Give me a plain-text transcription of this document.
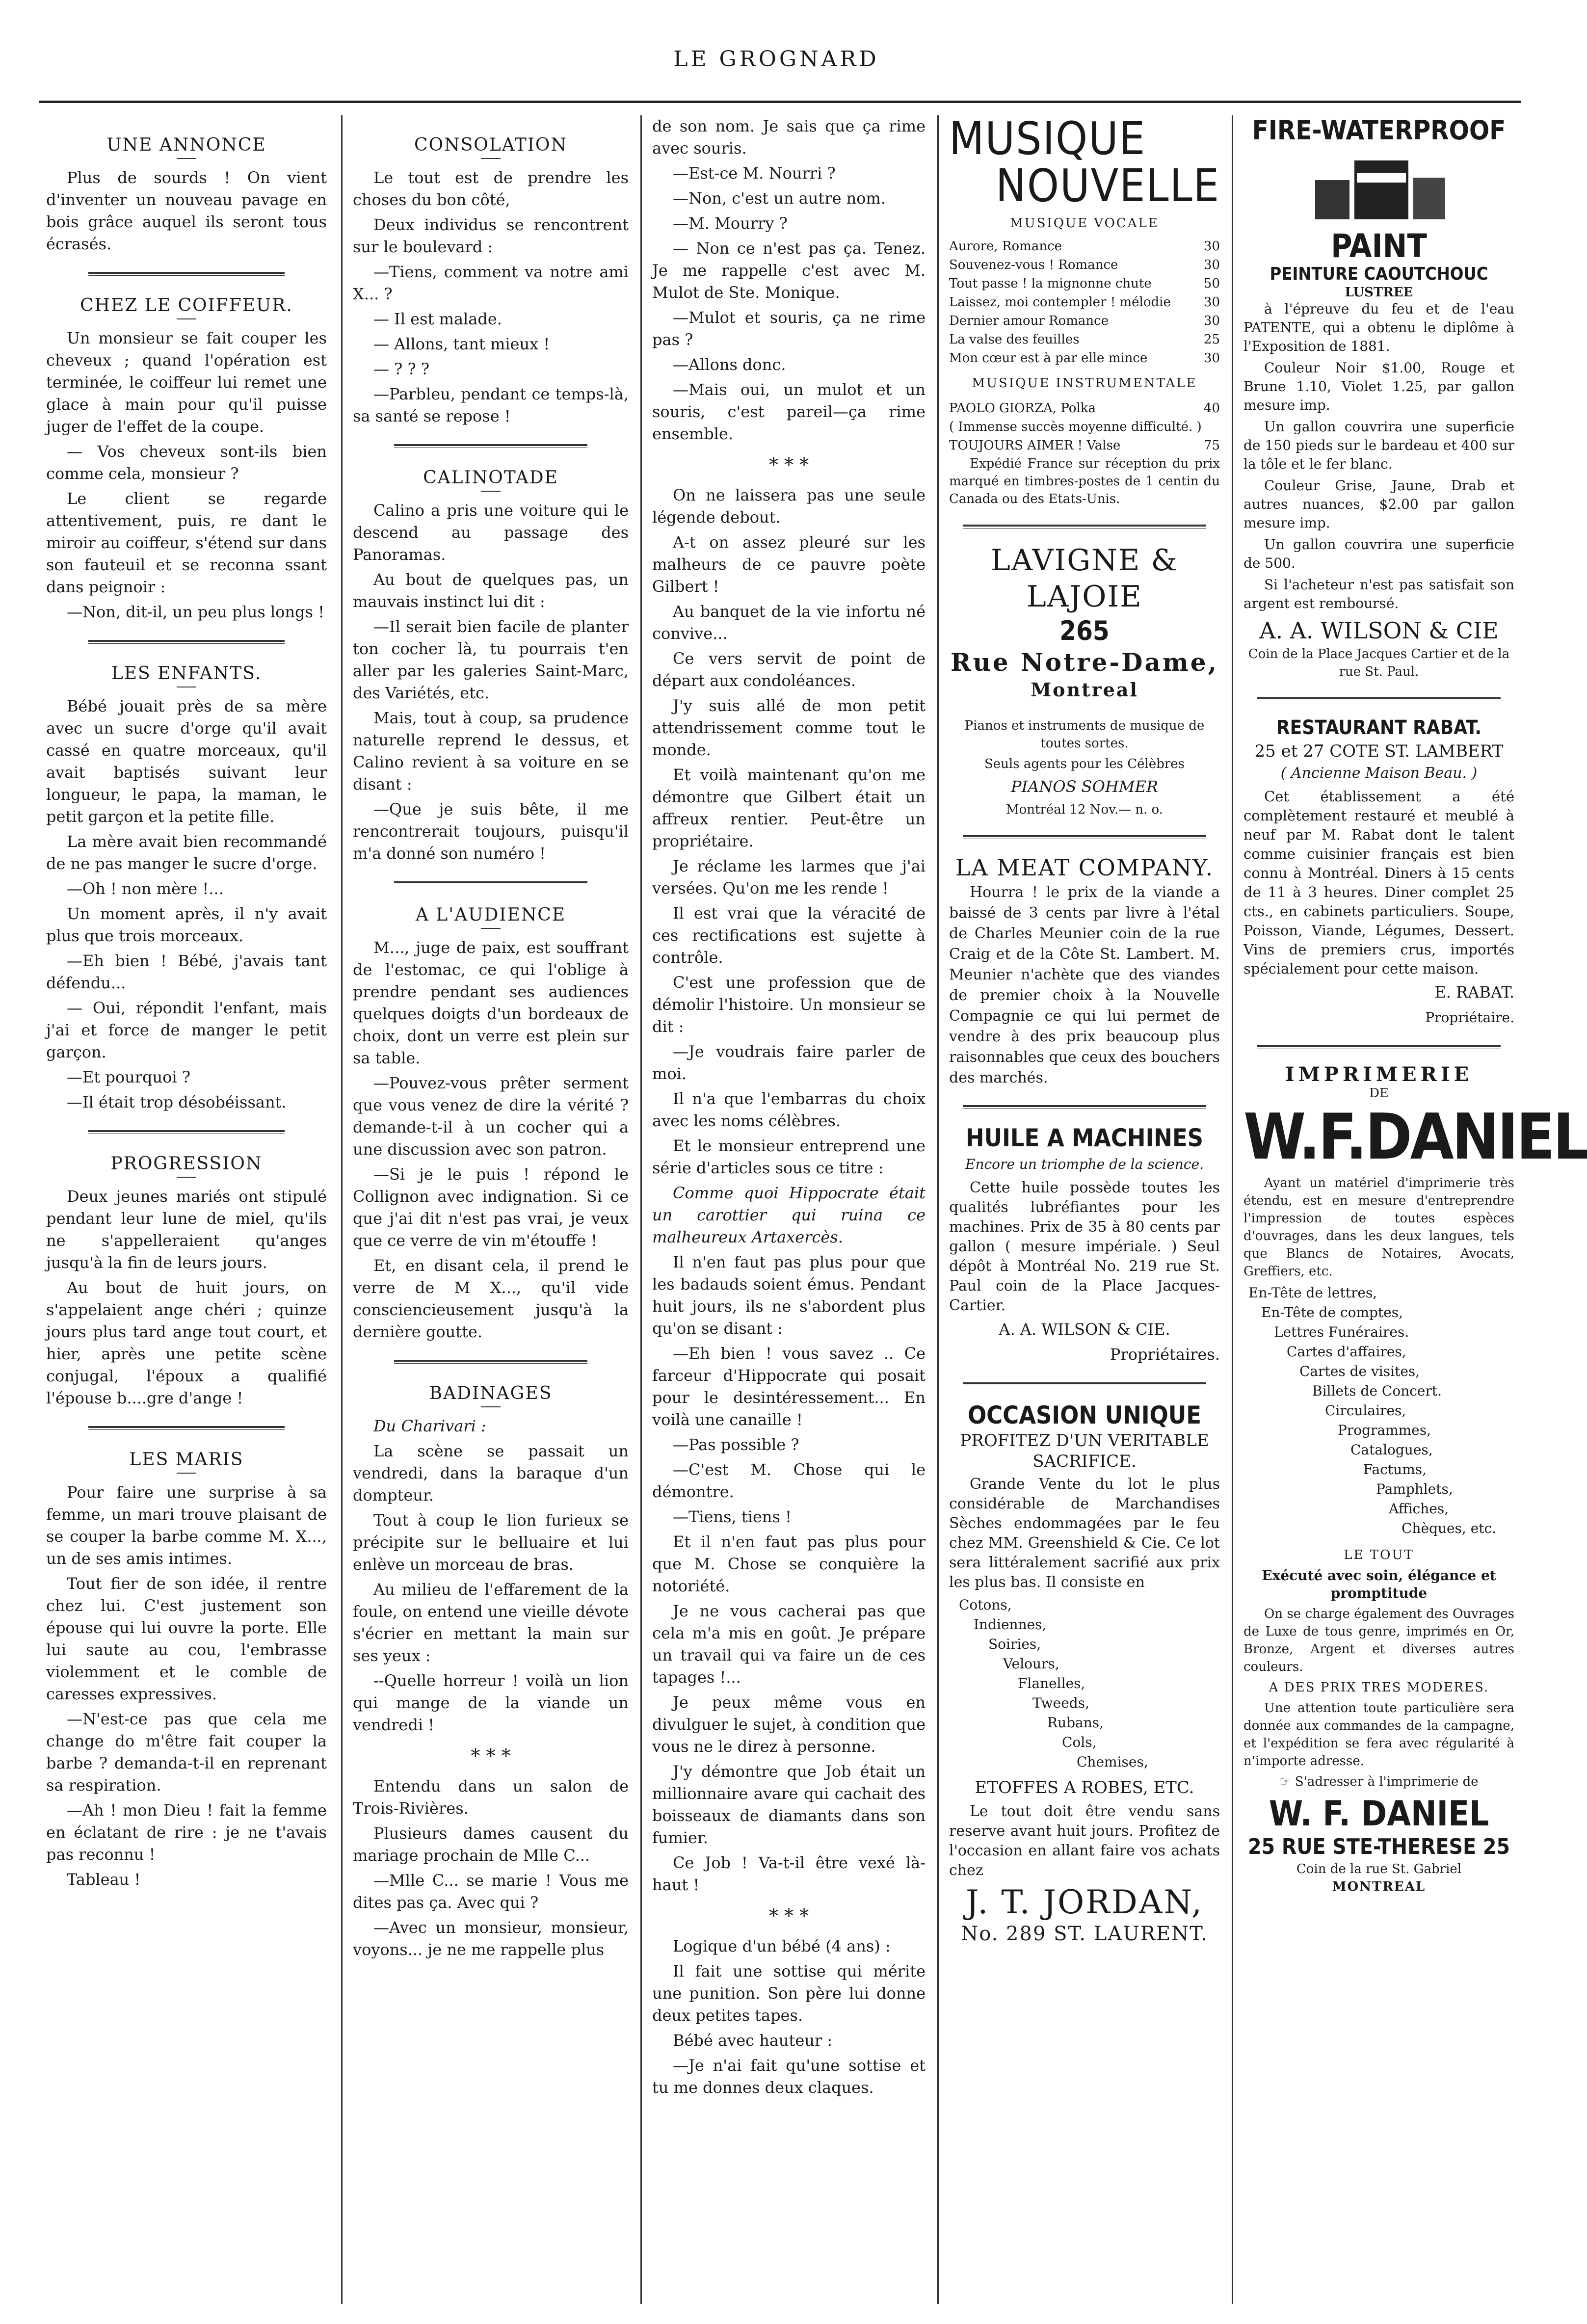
LE GROGNARD
UNE ANNONCE

Plus de sourds ! On vient d'inventer un nouveau pavage en bois grâce auquel ils seront tous écrasés.

CHEZ LE COIFFEUR.

Un monsieur se fait couper les cheveux ; quand l'opération est terminée, le coiffeur lui remet une glace à main pour qu'il puisse juger de l'effet de la coupe.

— Vos cheveux sont-ils bien comme cela, monsieur ?

Le client se regarde attentivement, puis, re dant le miroir au coiffeur, s'étend sur dans son fauteuil et se reconna ssant dans peignoir :

—Non, dit-il, un peu plus longs !

LES ENFANTS.

Bébé jouait près de sa mère avec un sucre d'orge qu'il avait cassé en quatre morceaux, qu'il avait baptisés suivant leur longueur, le papa, la maman, le petit garçon et la petite fille.

La mère avait bien recommandé de ne pas manger le sucre d'orge.

—Oh ! non mère !...

Un moment après, il n'y avait plus que trois morceaux.

—Eh bien ! Bébé, j'avais tant défendu...

— Oui, répondit l'enfant, mais j'ai et force de manger le petit garçon.

—Et pourquoi ?

—Il était trop désobéissant.

PROGRESSION

Deux jeunes mariés ont stipulé pendant leur lune de miel, qu'ils ne s'appelleraient qu'anges jusqu'à la fin de leurs jours.

Au bout de huit jours, on s'appelaient ange chéri ; quinze jours plus tard ange tout court, et hier, après une petite scène conjugal, l'époux a qualifié l'épouse b....gre d'ange !

LES MARIS

Pour faire une surprise à sa femme, un mari trouve plaisant de se couper la barbe comme M. X..., un de ses amis intimes.

Tout fier de son idée, il rentre chez lui. C'est justement son épouse qui lui ouvre la porte. Elle lui saute au cou, l'embrasse violemment et le comble de caresses expressives.

—N'est-ce pas que cela me change do m'être fait couper la barbe ? demanda-t-il en reprenant sa respiration.

—Ah ! mon Dieu ! fait la femme en éclatant de rire : je ne t'avais pas reconnu !

Tableau !

CONSOLATION

Le tout est de prendre les choses du bon côté,

Deux individus se rencontrent sur le boulevard :

—Tiens, comment va notre ami X... ?

— Il est malade.

— Allons, tant mieux !

— ? ? ?

—Parbleu, pendant ce temps-là, sa santé se repose !

CALINOTADE

Calino a pris une voiture qui le descend au passage des Panoramas.

Au bout de quelques pas, un mauvais instinct lui dit :

—Il serait bien facile de planter ton cocher là, tu pourrais t'en aller par les galeries Saint-Marc, des Variétés, etc.

Mais, tout à coup, sa prudence naturelle reprend le dessus, et Calino revient à sa voiture en se disant :

—Que je suis bête, il me rencontrerait toujours, puisqu'il m'a donné son numéro !

A L'AUDIENCE

M..., juge de paix, est souffrant de l'estomac, ce qui l'oblige à prendre pendant ses audiences quelques doigts d'un bordeaux de choix, dont un verre est plein sur sa table.

—Pouvez-vous prêter serment que vous venez de dire la vérité ? demande-t-il à un cocher qui a une discussion avec son patron.

—Si je le puis ! répond le Collignon avec indignation. Si ce que j'ai dit n'est pas vrai, je veux que ce verre de vin m'étouffe !

Et, en disant cela, il prend le verre de M X..., qu'il vide consciencieusement jusqu'à la dernière goutte.

BADINAGES

Du Charivari :

La scène se passait un vendredi, dans la baraque d'un dompteur.

Tout à coup le lion furieux se précipite sur le belluaire et lui enlève un morceau de bras.

Au milieu de l'effarement de la foule, on entend une vieille dévote s'écrier en mettant la main sur ses yeux :

--Quelle horreur ! voilà un lion qui mange de la viande un vendredi !

* * *

Entendu dans un salon de Trois-Rivières.

Plusieurs dames causent du mariage prochain de Mlle C...

—Mlle C... se marie ! Vous me dites pas ça. Avec qui ?

—Avec un monsieur, monsieur, voyons... je ne me rappelle plus

de son nom. Je sais que ça rime avec souris.

—Est-ce M. Nourri ?

—Non, c'est un autre nom.

—M. Mourry ?

— Non ce n'est pas ça. Tenez. Je me rappelle c'est avec M. Mulot de Ste. Monique.

—Mulot et souris, ça ne rime pas ?

—Allons donc.

—Mais oui, un mulot et un souris, c'est pareil—ça rime ensemble.

* * *

On ne laissera pas une seule légende debout.

A-t on assez pleuré sur les malheurs de ce pauvre poète Gilbert !

Au banquet de la vie infortu né convive...

Ce vers servit de point de départ aux condoléances.

J'y suis allé de mon petit attendrissement comme tout le monde.

Et voilà maintenant qu'on me démontre que Gilbert était un affreux rentier. Peut-être un propriétaire.

Je réclame les larmes que j'ai versées. Qu'on me les rende !

Il est vrai que la véracité de ces rectifications est sujette à contrôle.

C'est une profession que de démolir l'histoire. Un monsieur se dit :

—Je voudrais faire parler de moi.

Il n'a que l'embarras du choix avec les noms célèbres.

Et le monsieur entreprend une série d'articles sous ce titre :

Comme quoi Hippocrate était un carottier qui ruina ce malheureux Artaxercès.

Il n'en faut pas plus pour que les badauds soient émus. Pendant huit jours, ils ne s'abordent plus qu'on se disant :

—Eh bien ! vous savez .. Ce farceur d'Hippocrate qui posait pour le desintéressement... En voilà une canaille !

—Pas possible ?

—C'est M. Chose qui le démontre.

—Tiens, tiens !

Et il n'en faut pas plus pour que M. Chose se conquière la notoriété.

Je ne vous cacherai pas que cela m'a mis en goût. Je prépare un travail qui va faire un de ces tapages !...

Je peux même vous en divulguer le sujet, à condition que vous ne le direz à personne.

J'y démontre que Job était un millionnaire avare qui cachait des boisseaux de diamants dans son fumier.

Ce Job ! Va-t-il être vexé là-haut !

* * *

Logique d'un bébé (4 ans) :

Il fait une sottise qui mérite une punition. Son père lui donne deux petites tapes.

Bébé avec hauteur :

—Je n'ai fait qu'une sottise et tu me donnes deux claques.

MUSIQUE
NOUVELLE
MUSIQUE VOCALE
Aurore, Romance	30
Souvenez-vous ! Romance	30
Tout passe ! la mignonne chute	50
Laissez, moi contempler ! mélodie	30
Dernier amour Romance	30
La valse des feuilles	25
Mon cœur est à par elle mince	30
MUSIQUE INSTRUMENTALE
PAOLO GIORZA, Polka	40
( Immense succès moyenne difficulté. )
TOUJOURS AIMER ! Valse	75

Expédié France sur réception du prix marqué en timbres-postes de 1 centin du Canada ou des Etats-Unis.

LAVIGNE & LAJOIE
265
Rue Notre-Dame,
Montreal

Pianos et instruments de musique de toutes sortes.

Seuls agents pour les Célèbres

PIANOS SOHMER

Montréal 12 Nov.— n. o.

LA MEAT COMPANY.

Hourra ! le prix de la viande a baissé de 3 cents par livre à l'étal de Charles Meunier coin de la rue Craig et de la Côte St. Lambert. M. Meunier n'achète que des viandes de premier choix à la Nouvelle Compagnie ce qui lui permet de vendre à des prix beaucoup plus raisonnables que ceux des bouchers des marchés.

HUILE A MACHINES

Encore un triomphe de la science.

Cette huile possède toutes les qualités lubréfiantes pour les machines. Prix de 35 à 80 cents par gallon ( mesure impériale. ) Seul dépôt à Montréal No. 219 rue St. Paul coin de la Place Jacques-Cartier.

A. A. WILSON & CIE.

Propriétaires.

OCCASION UNIQUE

PROFITEZ D'UN VERITABLE SACRIFICE.

Grande Vente du lot le plus considérable de Marchandises Sèches endommagées par le feu chez MM. Greenshield & Cie. Ce lot sera littéralement sacrifié aux prix les plus bas. Il consiste en

Cotons,
Indiennes,
Soiries,
Velours,
Flanelles,
Tweeds,
Rubans,
Cols,
Chemises,

ETOFFES A ROBES, ETC.

Le tout doit être vendu sans reserve avant huit jours. Profitez de l'occasion en allant faire vos achats chez

J. T. JORDAN,
No. 289 ST. LAURENT.
FIRE-WATERPROOF
PAINT
PEINTURE CAOUTCHOUC
LUSTREE

à l'épreuve du feu et de l'eau PATENTE, qui a obtenu le diplôme à l'Exposition de 1881.

Couleur Noir $1.00, Rouge et Brune 1.10, Violet 1.25, par gallon mesure imp.

Un gallon couvrira une superficie de 150 pieds sur le bardeau et 400 sur la tôle et le fer blanc.

Couleur Grise, Jaune, Drab et autres nuances, $2.00 par gallon mesure imp.

Un gallon couvrira une superficie de 500.

Si l'acheteur n'est pas satisfait son argent est remboursé.

A. A. WILSON & CIE

Coin de la Place Jacques Cartier et de la rue St. Paul.

RESTAURANT RABAT.
25 et 27 COTE ST. LAMBERT

( Ancienne Maison Beau. )

Cet établissement a été complètement restauré et meublé à neuf par M. Rabat dont le talent comme cuisinier français est bien connu à Montréal. Diners à 15 cents de 11 à 3 heures. Diner complet 25 cts., en cabinets particuliers. Soupe, Poisson, Viande, Légumes, Dessert. Vins de premiers crus, importés spécialement pour cette maison.

E. RABAT.

Propriétaire.

IMPRIMERIE
DE
W.F.DANIEL

Ayant un matériel d'imprimerie très étendu, est en mesure d'entreprendre l'impression de toutes espèces d'ouvrages, dans les deux langues, tels que Blancs de Notaires, Avocats, Greffiers, etc.

En-Tête de lettres,
En-Tête de comptes,
Lettres Funéraires.
Cartes d'affaires,
Cartes de visites,
Billets de Concert.
Circulaires,
Programmes,
Catalogues,
Factums,
Pamphlets,
Affiches,
Chèques, etc.

LE TOUT

Exécuté avec soin, élégance et promptitude

On se charge également des Ouvrages de Luxe de tous genre, imprimés en Or, Bronze, Argent et diverses autres couleurs.

A DES PRIX TRES MODERES.

Une attention toute particulière sera donnée aux commandes de la campagne, et l'expédition se fera avec régularité à n'importe adresse.

☞ S'adresser à l'imprimerie de

W. F. DANIEL
25 RUE STE-THERESE 25
Coin de la rue St. Gabriel
MONTREAL
